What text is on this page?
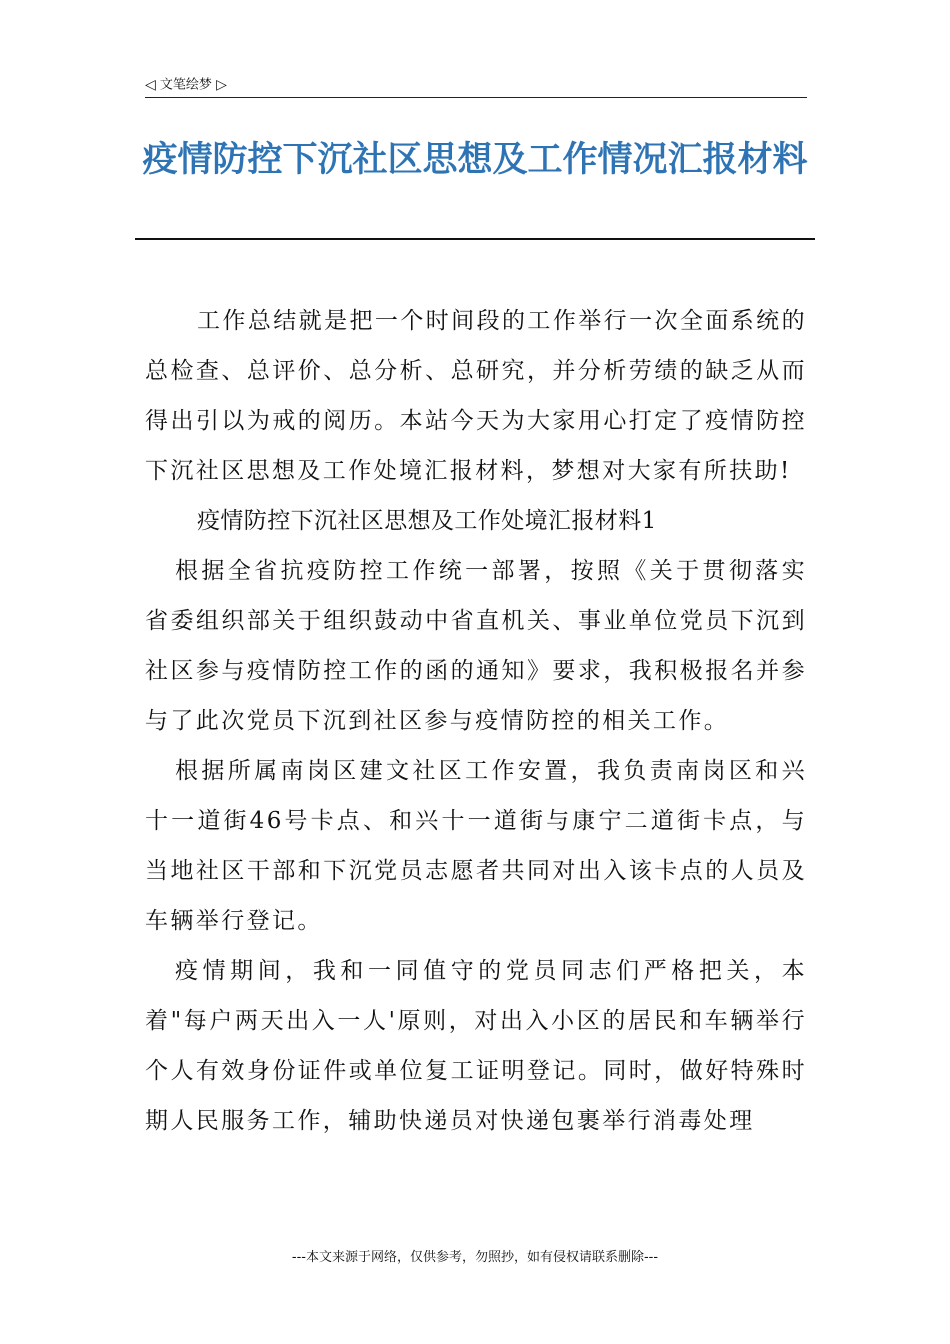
◁ 文笔绘梦 ▷
疫情防控下沉社区思想及工作情况汇报材料

工作总结就是把一个时间段的工作举行一次全面系统的总检查、总评价、总分析、总研究，并分析劳绩的缺乏从而得出引以为戒的阅历。本站今天为大家用心打定了疫情防控下沉社区思想及工作处境汇报材料，梦想对大家有所扶助!

疫情防控下沉社区思想及工作处境汇报材料1

根据全省抗疫防控工作统一部署，按照《关于贯彻落实省委组织部关于组织鼓动中省直机关、事业单位党员下沉到社区参与疫情防控工作的函的通知》要求，我积极报名并参与了此次党员下沉到社区参与疫情防控的相关工作。

根据所属南岗区建文社区工作安置，我负责南岗区和兴十一道街46号卡点、和兴十一道街与康宁二道街卡点，与当地社区干部和下沉党员志愿者共同对出入该卡点的人员及车辆举行登记。

疫情期间，我和一同值守的党员同志们严格把关，本着"每户两天出入一人'原则，对出入小区的居民和车辆举行个人有效身份证件或单位复工证明登记。同时，做好特殊时期人民服务工作，辅助快递员对快递包裹举行消毒处理

---本文来源于网络，仅供参考，勿照抄，如有侵权请联系删除---
